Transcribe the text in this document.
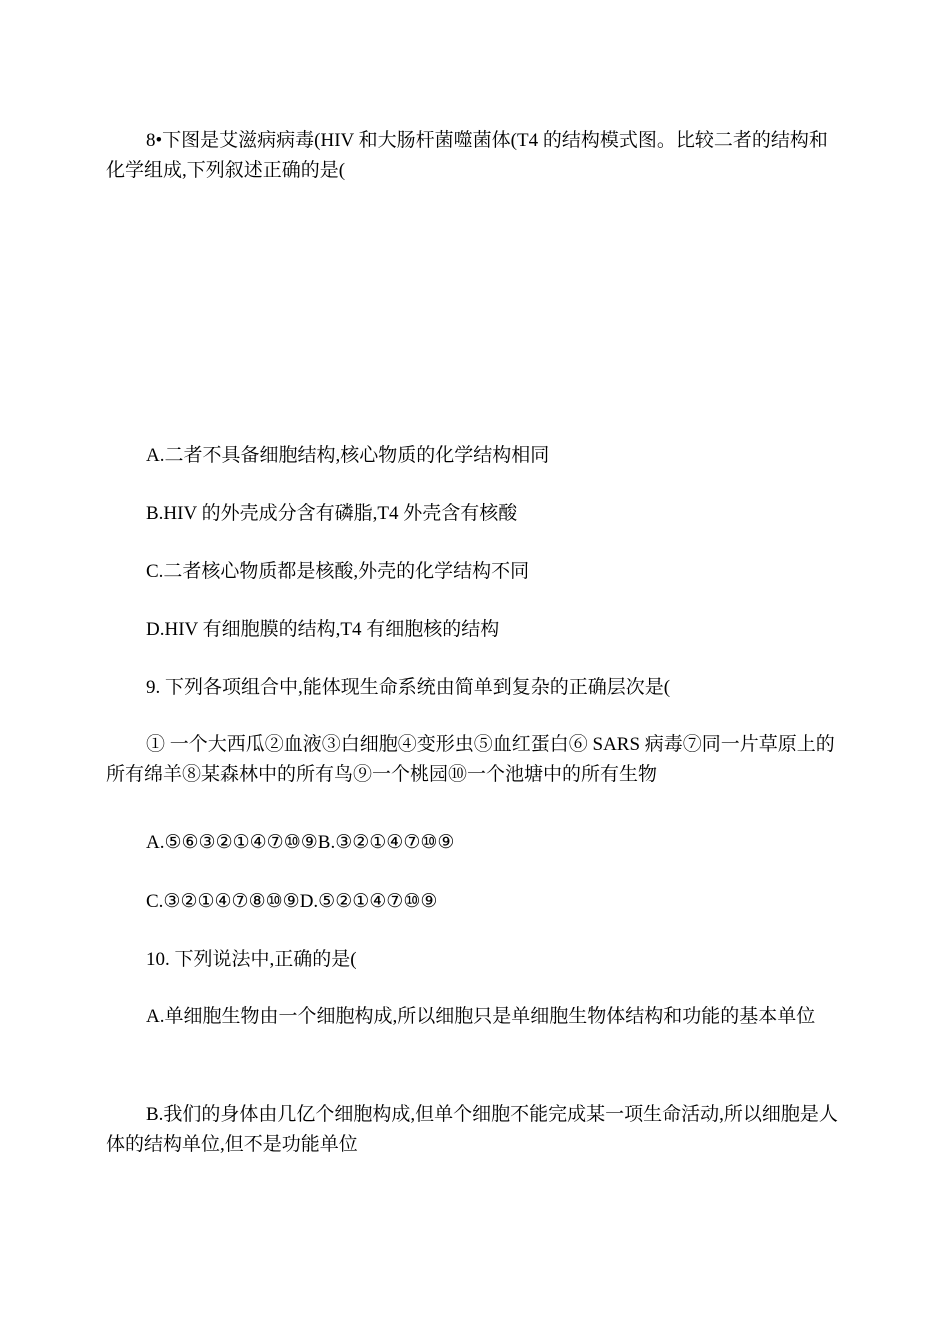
8•下图是艾滋病病毒(HIV 和大肠杆菌噬菌体(T4 的结构模式图。比较二者的结构和化学组成,下列叙述正确的是(

A.二者不具备细胞结构,核心物质的化学结构相同

B.HIV 的外壳成分含有磷脂,T4 外壳含有核酸

C.二者核心物质都是核酸,外壳的化学结构不同

D.HIV 有细胞膜的结构,T4 有细胞核的结构

9. 下列各项组合中,能体现生命系统由简单到复杂的正确层次是(

① 一个大西瓜②血液③白细胞④变形虫⑤血红蛋白⑥ SARS 病毒⑦同一片草原上的所有绵羊⑧某森林中的所有鸟⑨一个桃园⑩一个池塘中的所有生物

A.⑤⑥③②①④⑦⑩⑨B.③②①④⑦⑩⑨

C.③②①④⑦⑧⑩⑨D.⑤②①④⑦⑩⑨

10. 下列说法中,正确的是(

A.单细胞生物由一个细胞构成,所以细胞只是单细胞生物体结构和功能的基本单位

B.我们的身体由几亿个细胞构成,但单个细胞不能完成某一项生命活动,所以细胞是人体的结构单位,但不是功能单位
